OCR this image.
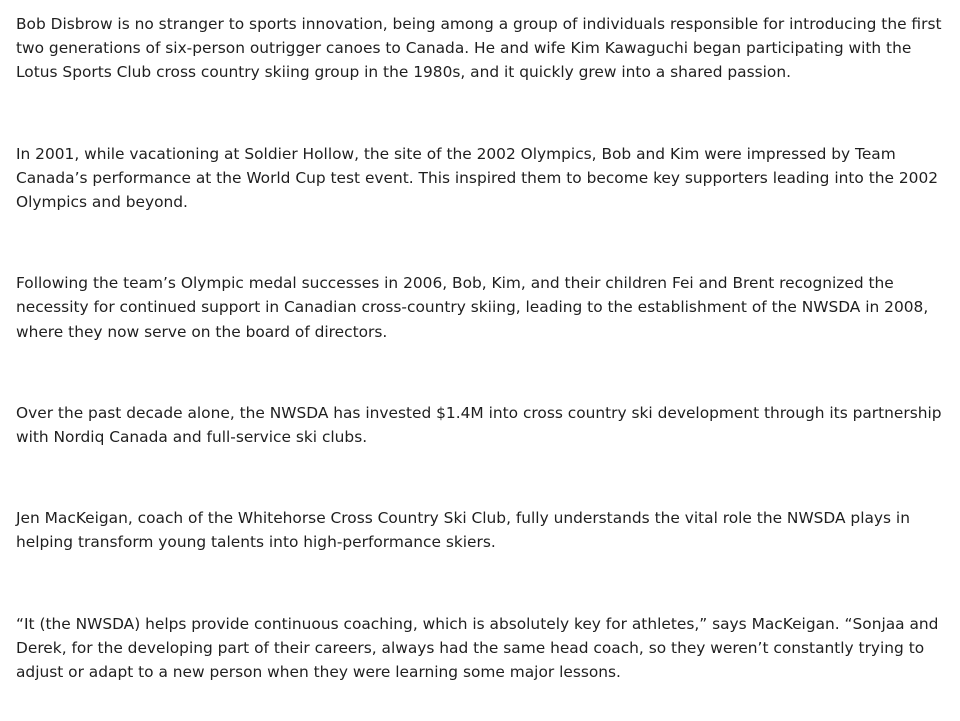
Bob Disbrow is no stranger to sports innovation, being among a group of individuals responsible for introducing the first two generations of six-person outrigger canoes to Canada. He and wife Kim Kawaguchi began participating with the Lotus Sports Club cross country skiing group in the 1980s, and it quickly grew into a shared passion.

In 2001, while vacationing at Soldier Hollow, the site of the 2002 Olympics, Bob and Kim were impressed by Team Canada’s performance at the World Cup test event. This inspired them to become key supporters leading into the 2002 Olympics and beyond.

Following the team’s Olympic medal successes in 2006, Bob, Kim, and their children Fei and Brent recognized the necessity for continued support in Canadian cross-country skiing, leading to the establishment of the NWSDA in 2008, where they now serve on the board of directors.

Over the past decade alone, the NWSDA has invested $1.4M into cross country ski development through its partnership with Nordiq Canada and full-service ski clubs.

Jen MacKeigan, coach of the Whitehorse Cross Country Ski Club, fully understands the vital role the NWSDA plays in helping transform young talents into high-performance skiers.

“It (the NWSDA) helps provide continuous coaching, which is absolutely key for athletes,” says MacKeigan. “Sonjaa and Derek, for the developing part of their careers, always had the same head coach, so they weren’t constantly trying to adjust or adapt to a new person when they were learning some major lessons.
